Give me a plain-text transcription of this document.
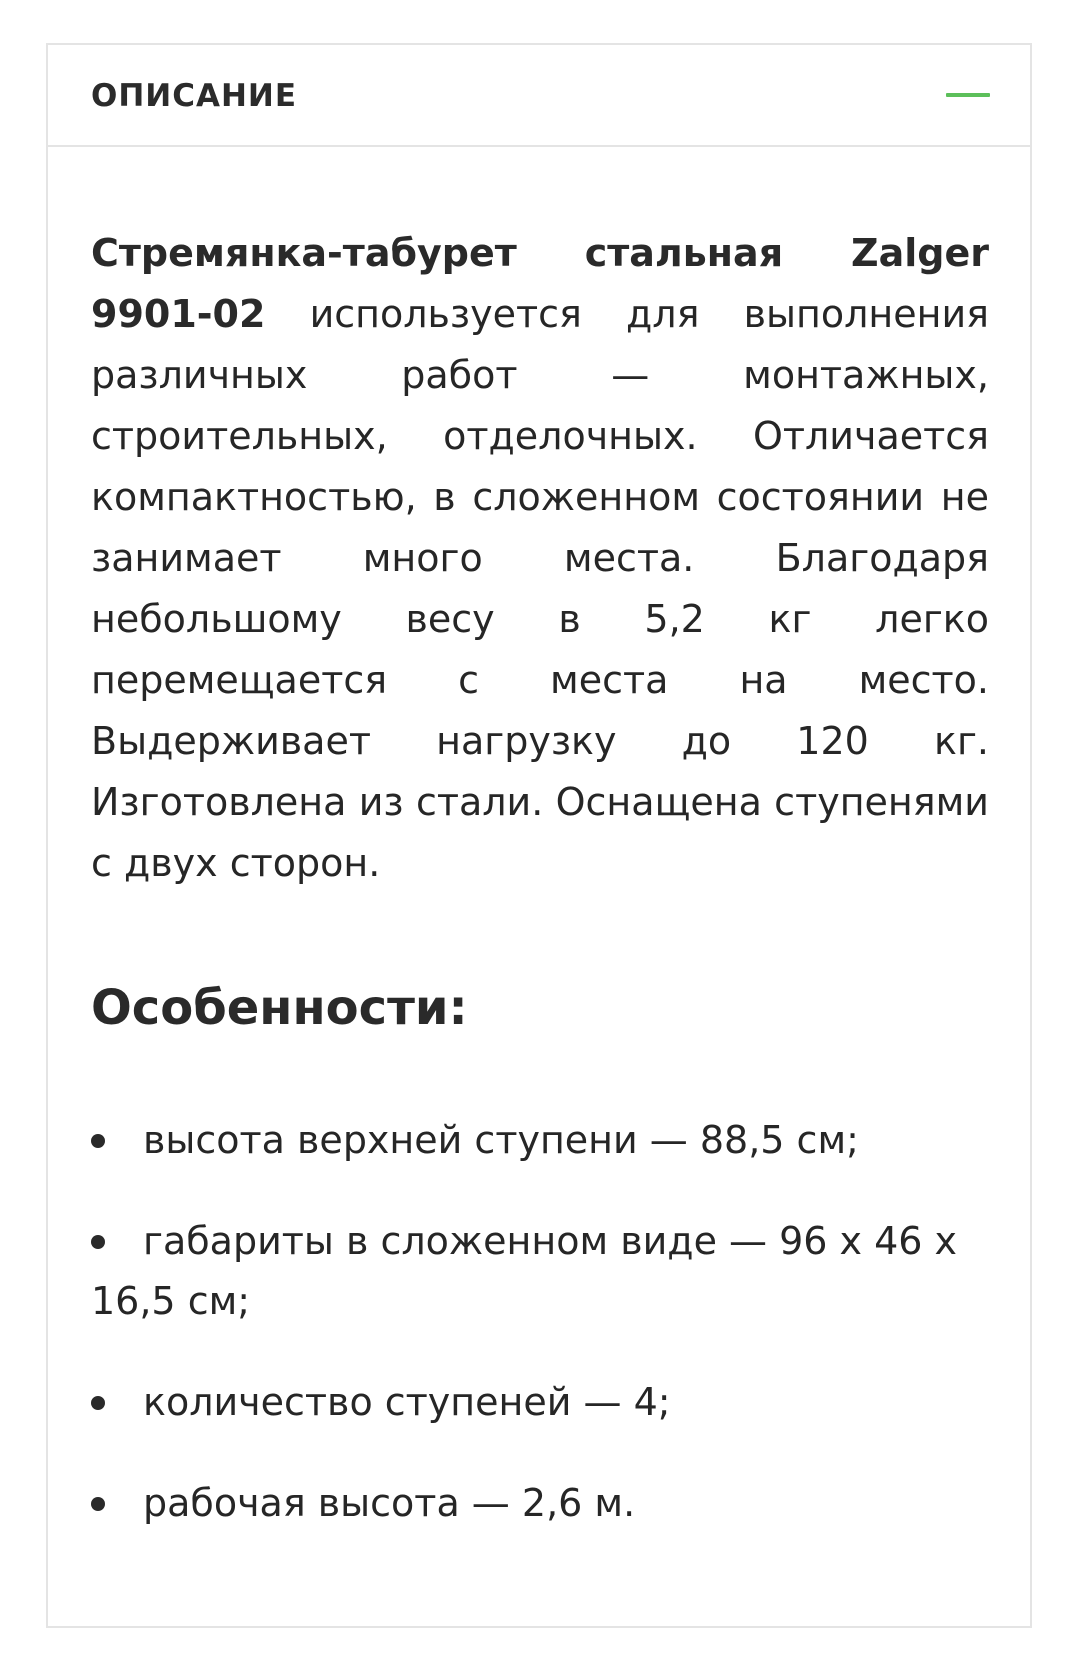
ОПИСАНИЕ

Стремянка-табурет стальная Zalger 9901-02 используется для выполнения различных работ — монтажных, строительных, отделочных. Отличается компактностью, в сложенном состоянии не занимает много места. Благодаря небольшому весу в 5,2 кг легко перемещается с места на место. Выдерживает нагрузку до 120 кг. Изготовлена из стали. Оснащена ступенями с двух сторон.

Особенности:
высота верхней ступени — 88,5 см;
габариты в сложенном виде — 96 х 46 х 16,5 см;
количество ступеней — 4;
рабочая высота — 2,6 м.
